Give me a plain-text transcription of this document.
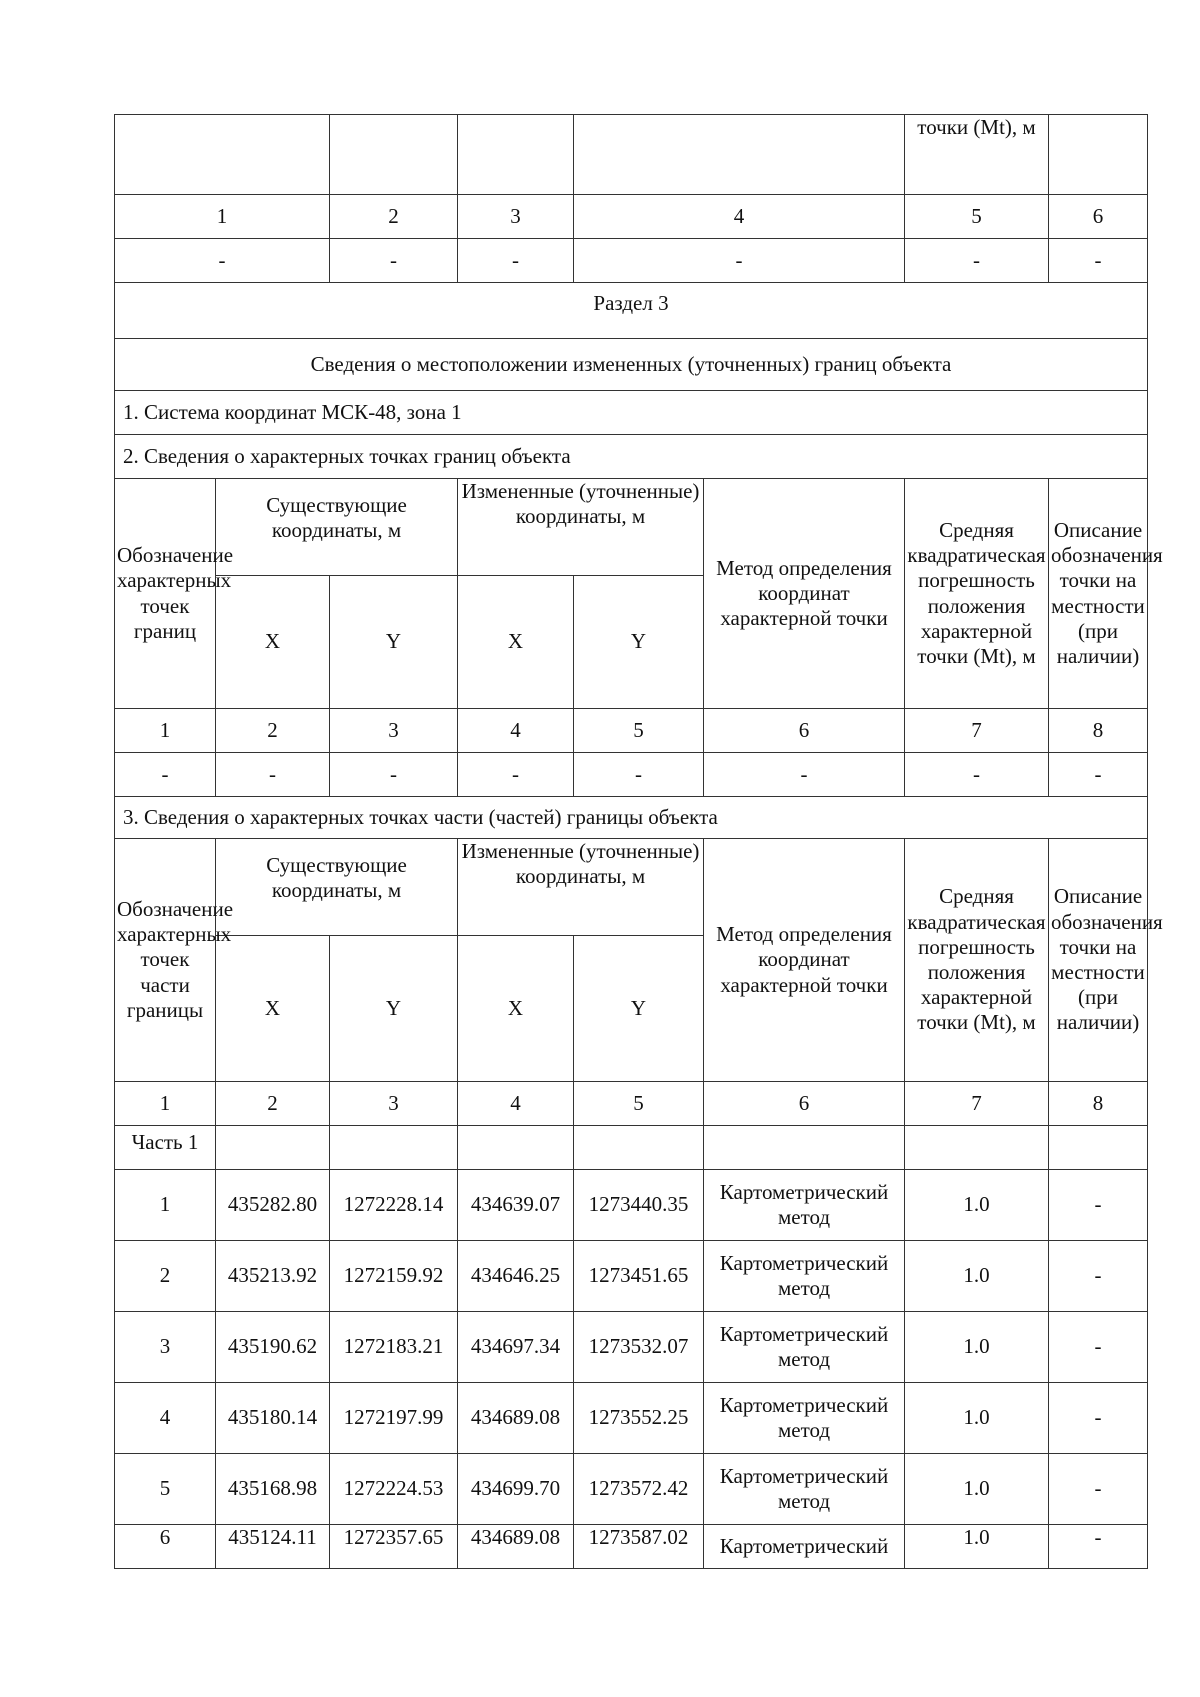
						точки (Mt), м	
1		2	3	4		5	6
-		-	-	-		-	-
Раздел 3							
Сведения о местоположении измененных (уточненных) границ объекта							
1. Система координат МСК-48, зона 1							
2. Сведения о характерных точках границ объекта							
Обозначение характерных точек границ	Существующие координаты, м		Измененные (уточненные) координаты, м		Метод определения координат характерной точки	Средняя квадратическая погрешность положения характерной точки (Mt), м	Описание обозначения точки на местности (при наличии)
	X	Y	X	Y			
1	2	3	4	5	6	7	8
-	-	-	-	-	-	-	-
3. Сведения о характерных точках части (частей) границы объекта							
Обозначение характерных точек части границы	Существующие координаты, м		Измененные (уточненные) координаты, м		Метод определения координат характерной точки	Средняя квадратическая погрешность положения характерной точки (Mt), м	Описание обозначения точки на местности (при наличии)
	X	Y	X	Y			
1	2	3	4	5	6	7	8
Часть 1							
1	435282.80	1272228.14	434639.07	1273440.35	Картометрический метод	1.0	-
2	435213.92	1272159.92	434646.25	1273451.65	Картометрический метод	1.0	-
3	435190.62	1272183.21	434697.34	1273532.07	Картометрический метод	1.0	-
4	435180.14	1272197.99	434689.08	1273552.25	Картометрический метод	1.0	-
5	435168.98	1272224.53	434699.70	1273572.42	Картометрический метод	1.0	-
6	435124.11	1272357.65	434689.08	1273587.02	Картометрический	1.0	-
